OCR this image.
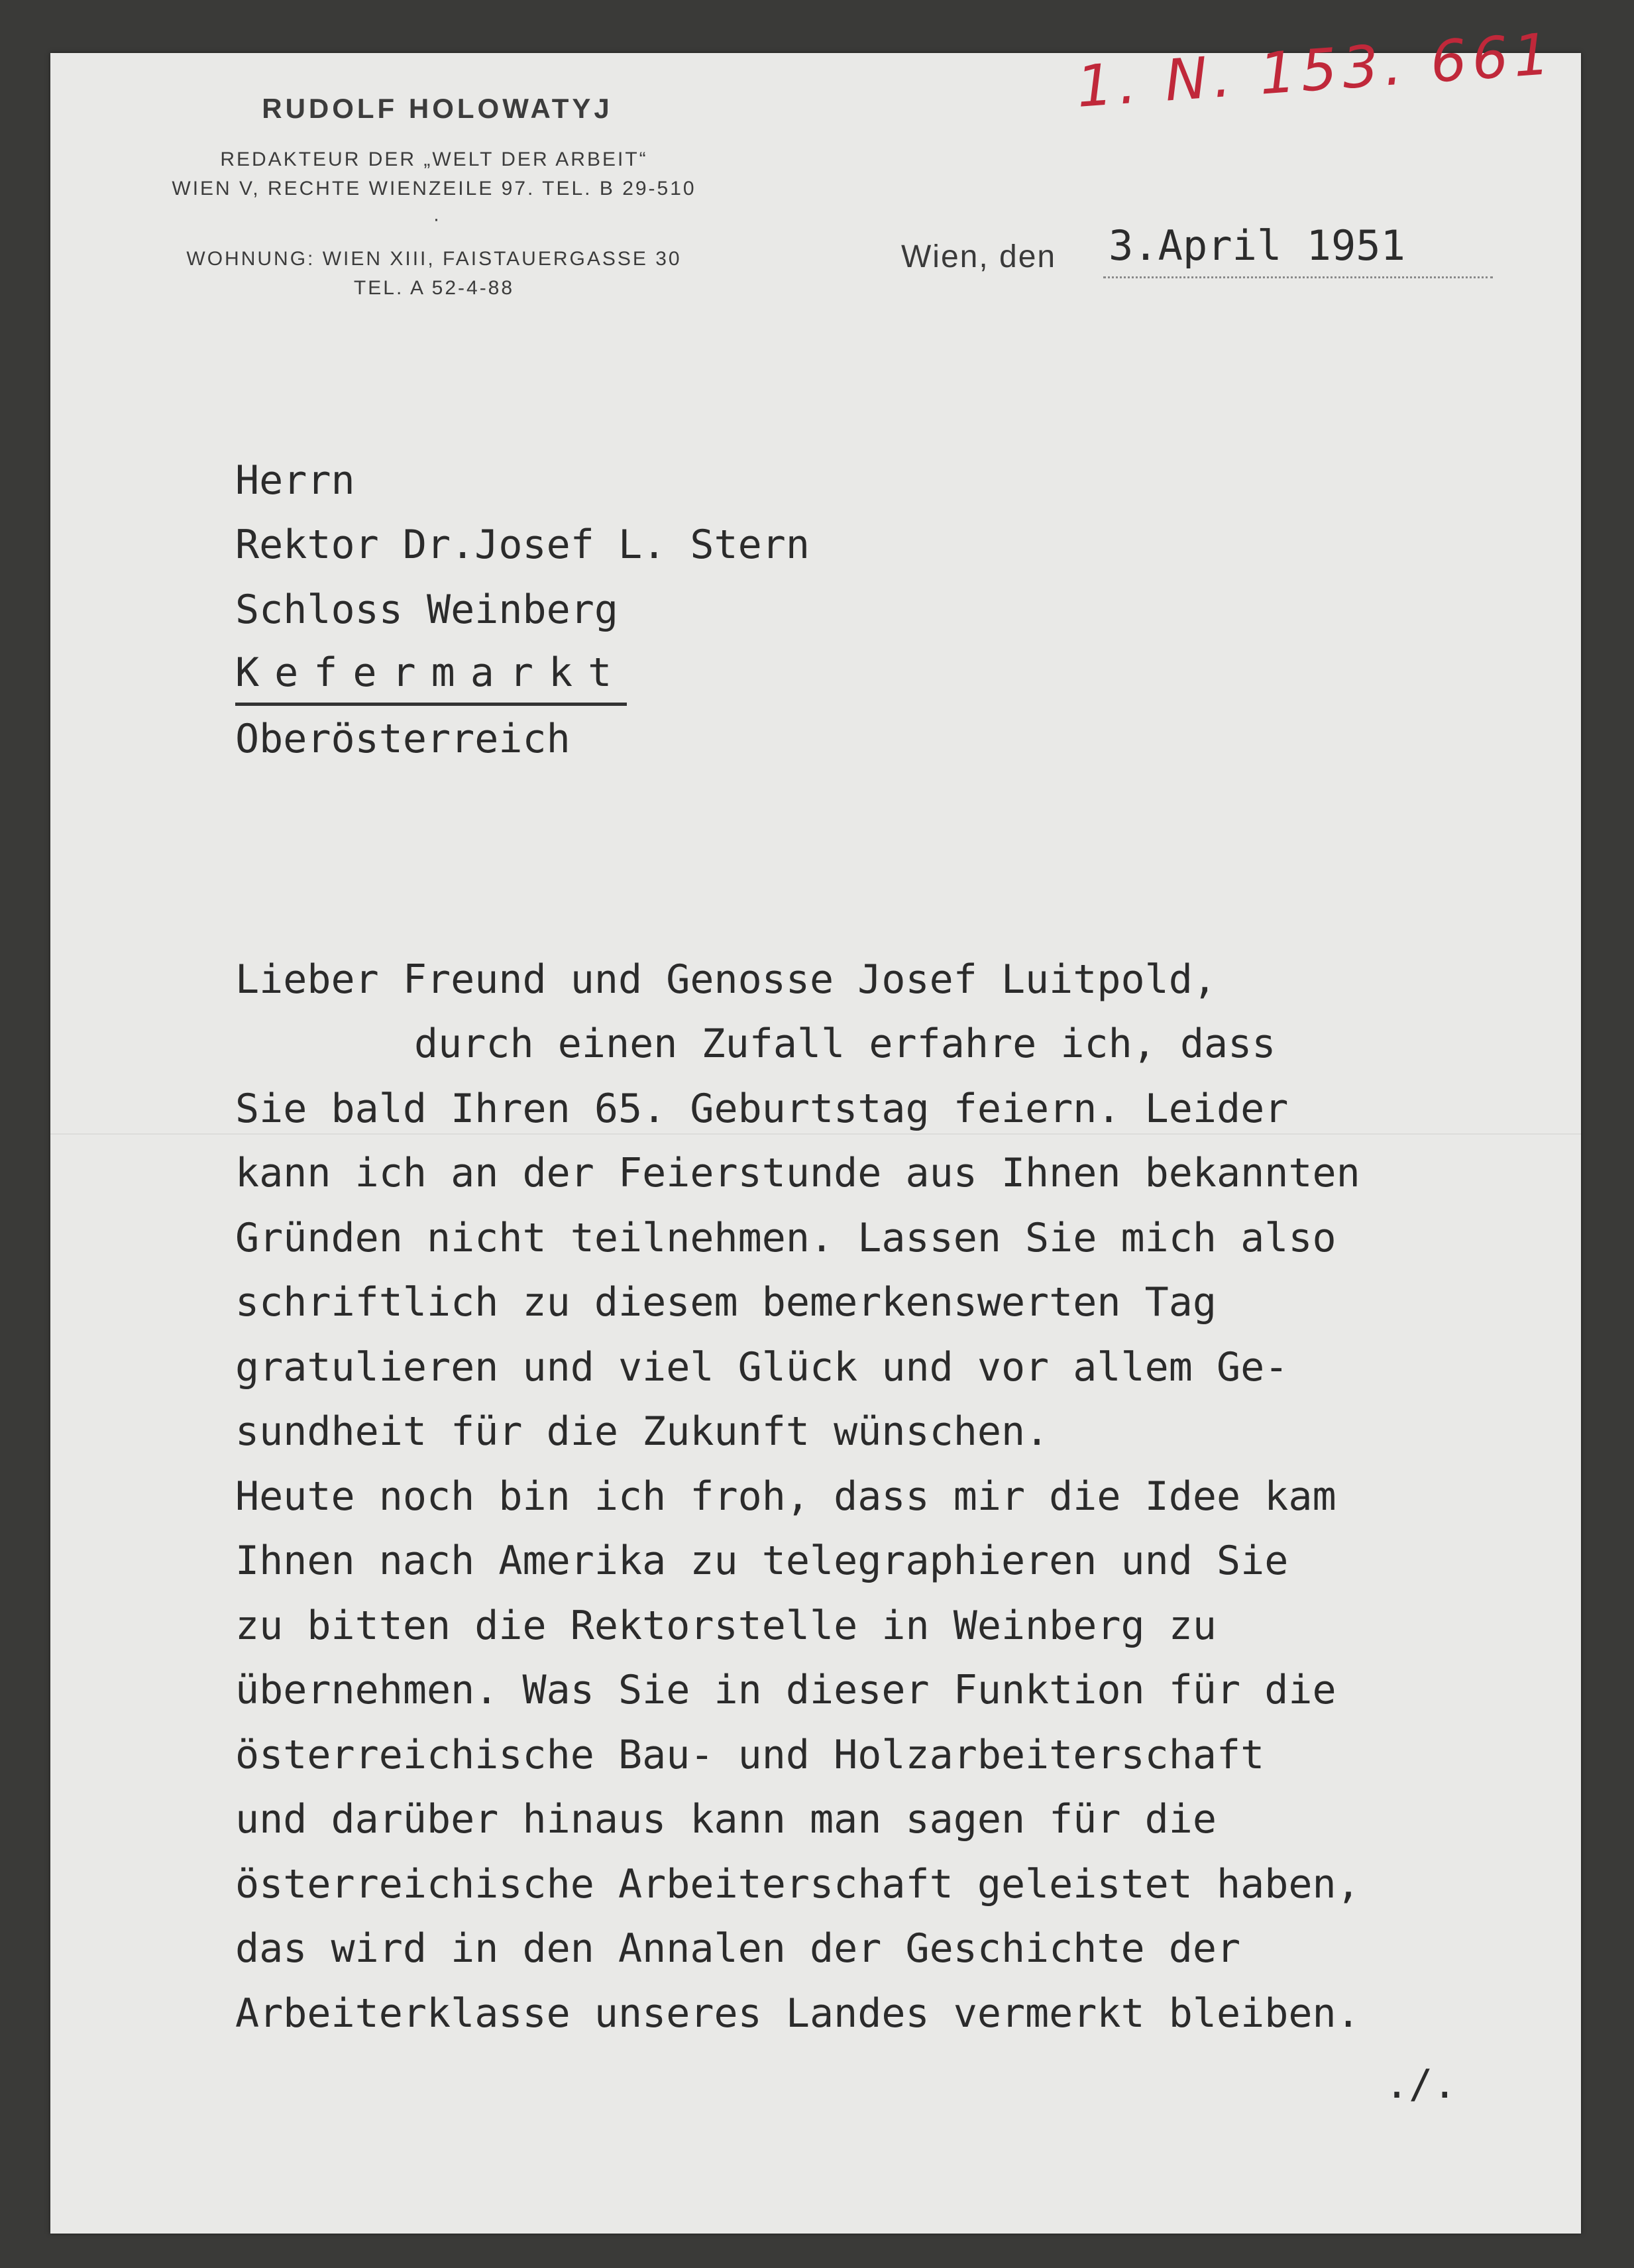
RUDOLF HOLOWATYJ
REDAKTEUR DER „WELT DER ARBEIT“
WIEN V, RECHTE WIENZEILE 97. TEL. B 29-510
·
WOHNUNG: WIEN XIII, FAISTAUERGASSE 30
TEL. A 52-4-88
1. N. 153. 661
Wien, den 3.April 1951
Herrn
Rektor Dr.Josef L. Stern
Schloss Weinberg
Kefermarkt
Oberösterreich
Lieber Freund und Genosse Josef Luitpold,
durch einen Zufall erfahre ich, dass
Sie bald Ihren 65. Geburtstag feiern. Leider
kann ich an der Feierstunde aus Ihnen bekannten
Gründen nicht teilnehmen. Lassen Sie mich also
schriftlich zu diesem bemerkenswerten Tag
gratulieren und viel Glück und vor allem Ge-
sundheit für die Zukunft wünschen.
Heute noch bin ich froh, dass mir die Idee kam
Ihnen nach Amerika zu telegraphieren und Sie
zu bitten die Rektorstelle in Weinberg zu
übernehmen. Was Sie in dieser Funktion für die
österreichische Bau- und Holzarbeiterschaft
und darüber hinaus kann man sagen für die
österreichische Arbeiterschaft geleistet haben,
das wird in den Annalen der Geschichte der
Arbeiterklasse unseres Landes vermerkt bleiben.
./.
